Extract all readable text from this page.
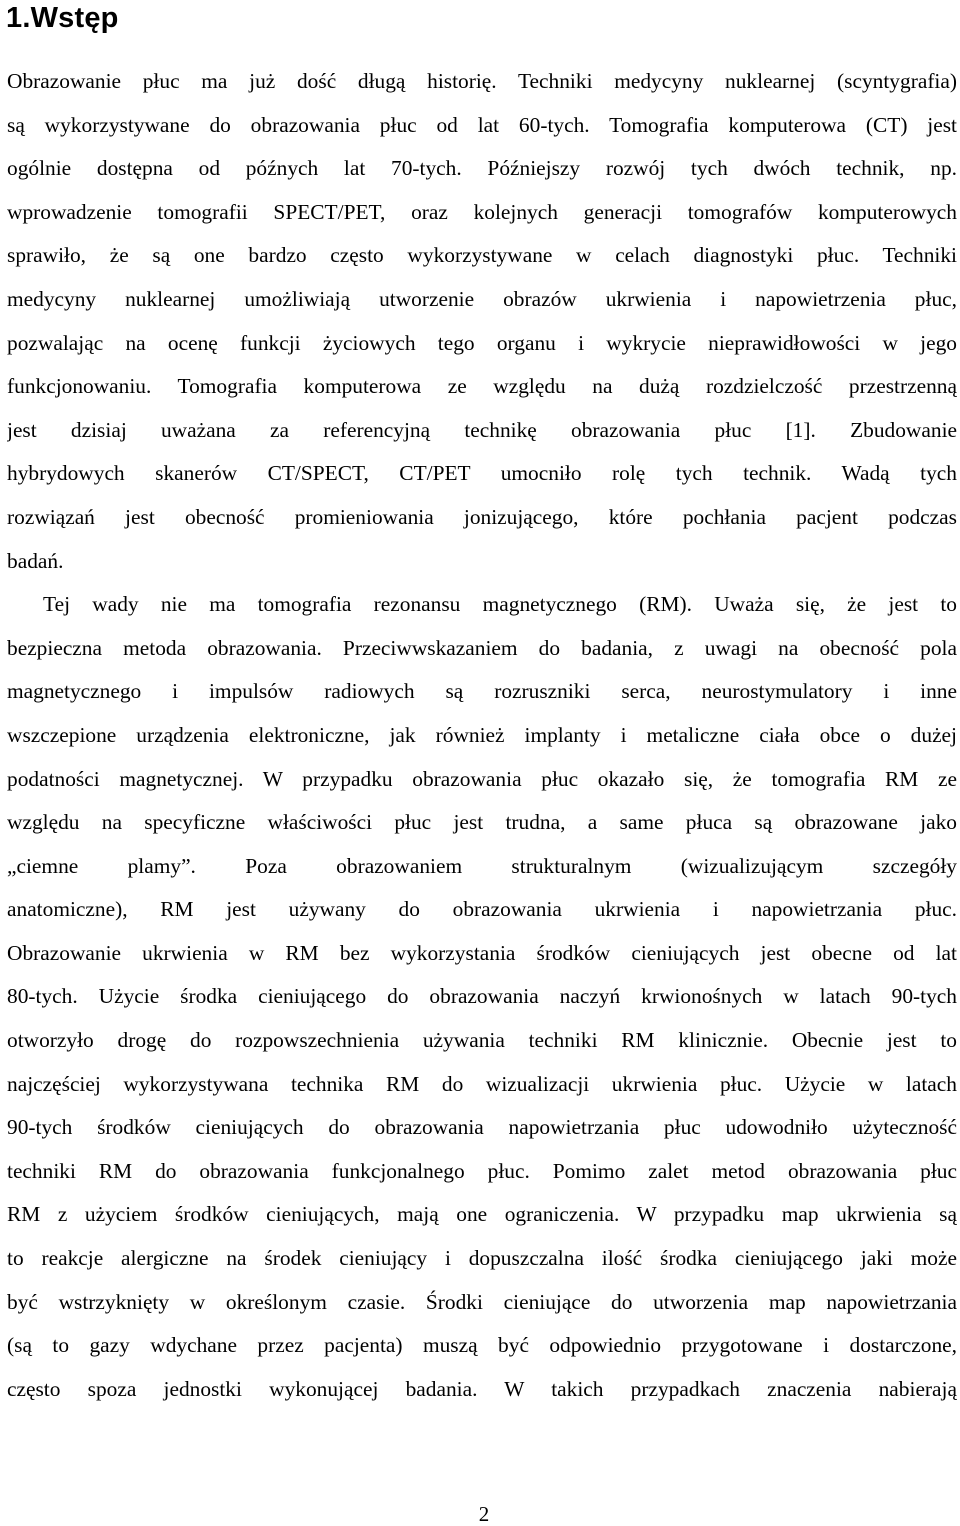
1.Wstęp
Obrazowanie płuc ma już dość długą historię. Techniki medycyny nuklearnej (scyntygrafia)
są wykorzystywane do obrazowania płuc od lat 60-tych. Tomografia komputerowa (CT) jest
ogólnie dostępna od późnych lat 70-tych. Późniejszy rozwój tych dwóch technik, np.
wprowadzenie tomografii SPECT/PET, oraz kolejnych generacji tomografów komputerowych
sprawiło, że są one bardzo często wykorzystywane w celach diagnostyki płuc. Techniki
medycyny nuklearnej umożliwiają utworzenie obrazów ukrwienia i napowietrzenia płuc,
pozwalając na ocenę funkcji życiowych tego organu i wykrycie nieprawidłowości w jego
funkcjonowaniu. Tomografia komputerowa ze względu na dużą rozdzielczość przestrzenną
jest dzisiaj uważana za referencyjną technikę obrazowania płuc [1]. Zbudowanie
hybrydowych skanerów CT/SPECT, CT/PET umocniło rolę tych technik. Wadą tych
rozwiązań jest obecność promieniowania jonizującego, które pochłania pacjent podczas
badań.
Tej wady nie ma tomografia rezonansu magnetycznego (RM). Uważa się, że jest to
bezpieczna metoda obrazowania. Przeciwwskazaniem do badania, z uwagi na obecność pola
magnetycznego i impulsów radiowych są rozruszniki serca, neurostymulatory i inne
wszczepione urządzenia elektroniczne, jak również implanty i metaliczne ciała obce o dużej
podatności magnetycznej. W przypadku obrazowania płuc okazało się, że tomografia RM ze
względu na specyficzne właściwości płuc jest trudna, a same płuca są obrazowane jako
„ciemne plamy”. Poza obrazowaniem strukturalnym (wizualizującym szczegóły
anatomiczne), RM jest używany do obrazowania ukrwienia i napowietrzania płuc.
Obrazowanie ukrwienia w RM bez wykorzystania środków cieniujących jest obecne od lat
80-tych. Użycie środka cieniującego do obrazowania naczyń krwionośnych w latach 90-tych
otworzyło drogę do rozpowszechnienia używania techniki RM klinicznie. Obecnie jest to
najczęściej wykorzystywana technika RM do wizualizacji ukrwienia płuc. Użycie w latach
90-tych środków cieniujących do obrazowania napowietrzania płuc udowodniło użyteczność
techniki RM do obrazowania funkcjonalnego płuc. Pomimo zalet metod obrazowania płuc
RM z użyciem środków cieniujących, mają one ograniczenia. W przypadku map ukrwienia są
to reakcje alergiczne na środek cieniujący i dopuszczalna ilość środka cieniującego jaki może
być wstrzyknięty w określonym czasie. Środki cieniujące do utworzenia map napowietrzania
(są to gazy wdychane przez pacjenta) muszą być odpowiednio przygotowane i dostarczone,
często spoza jednostki wykonującej badania. W takich przypadkach znaczenia nabierają
2
